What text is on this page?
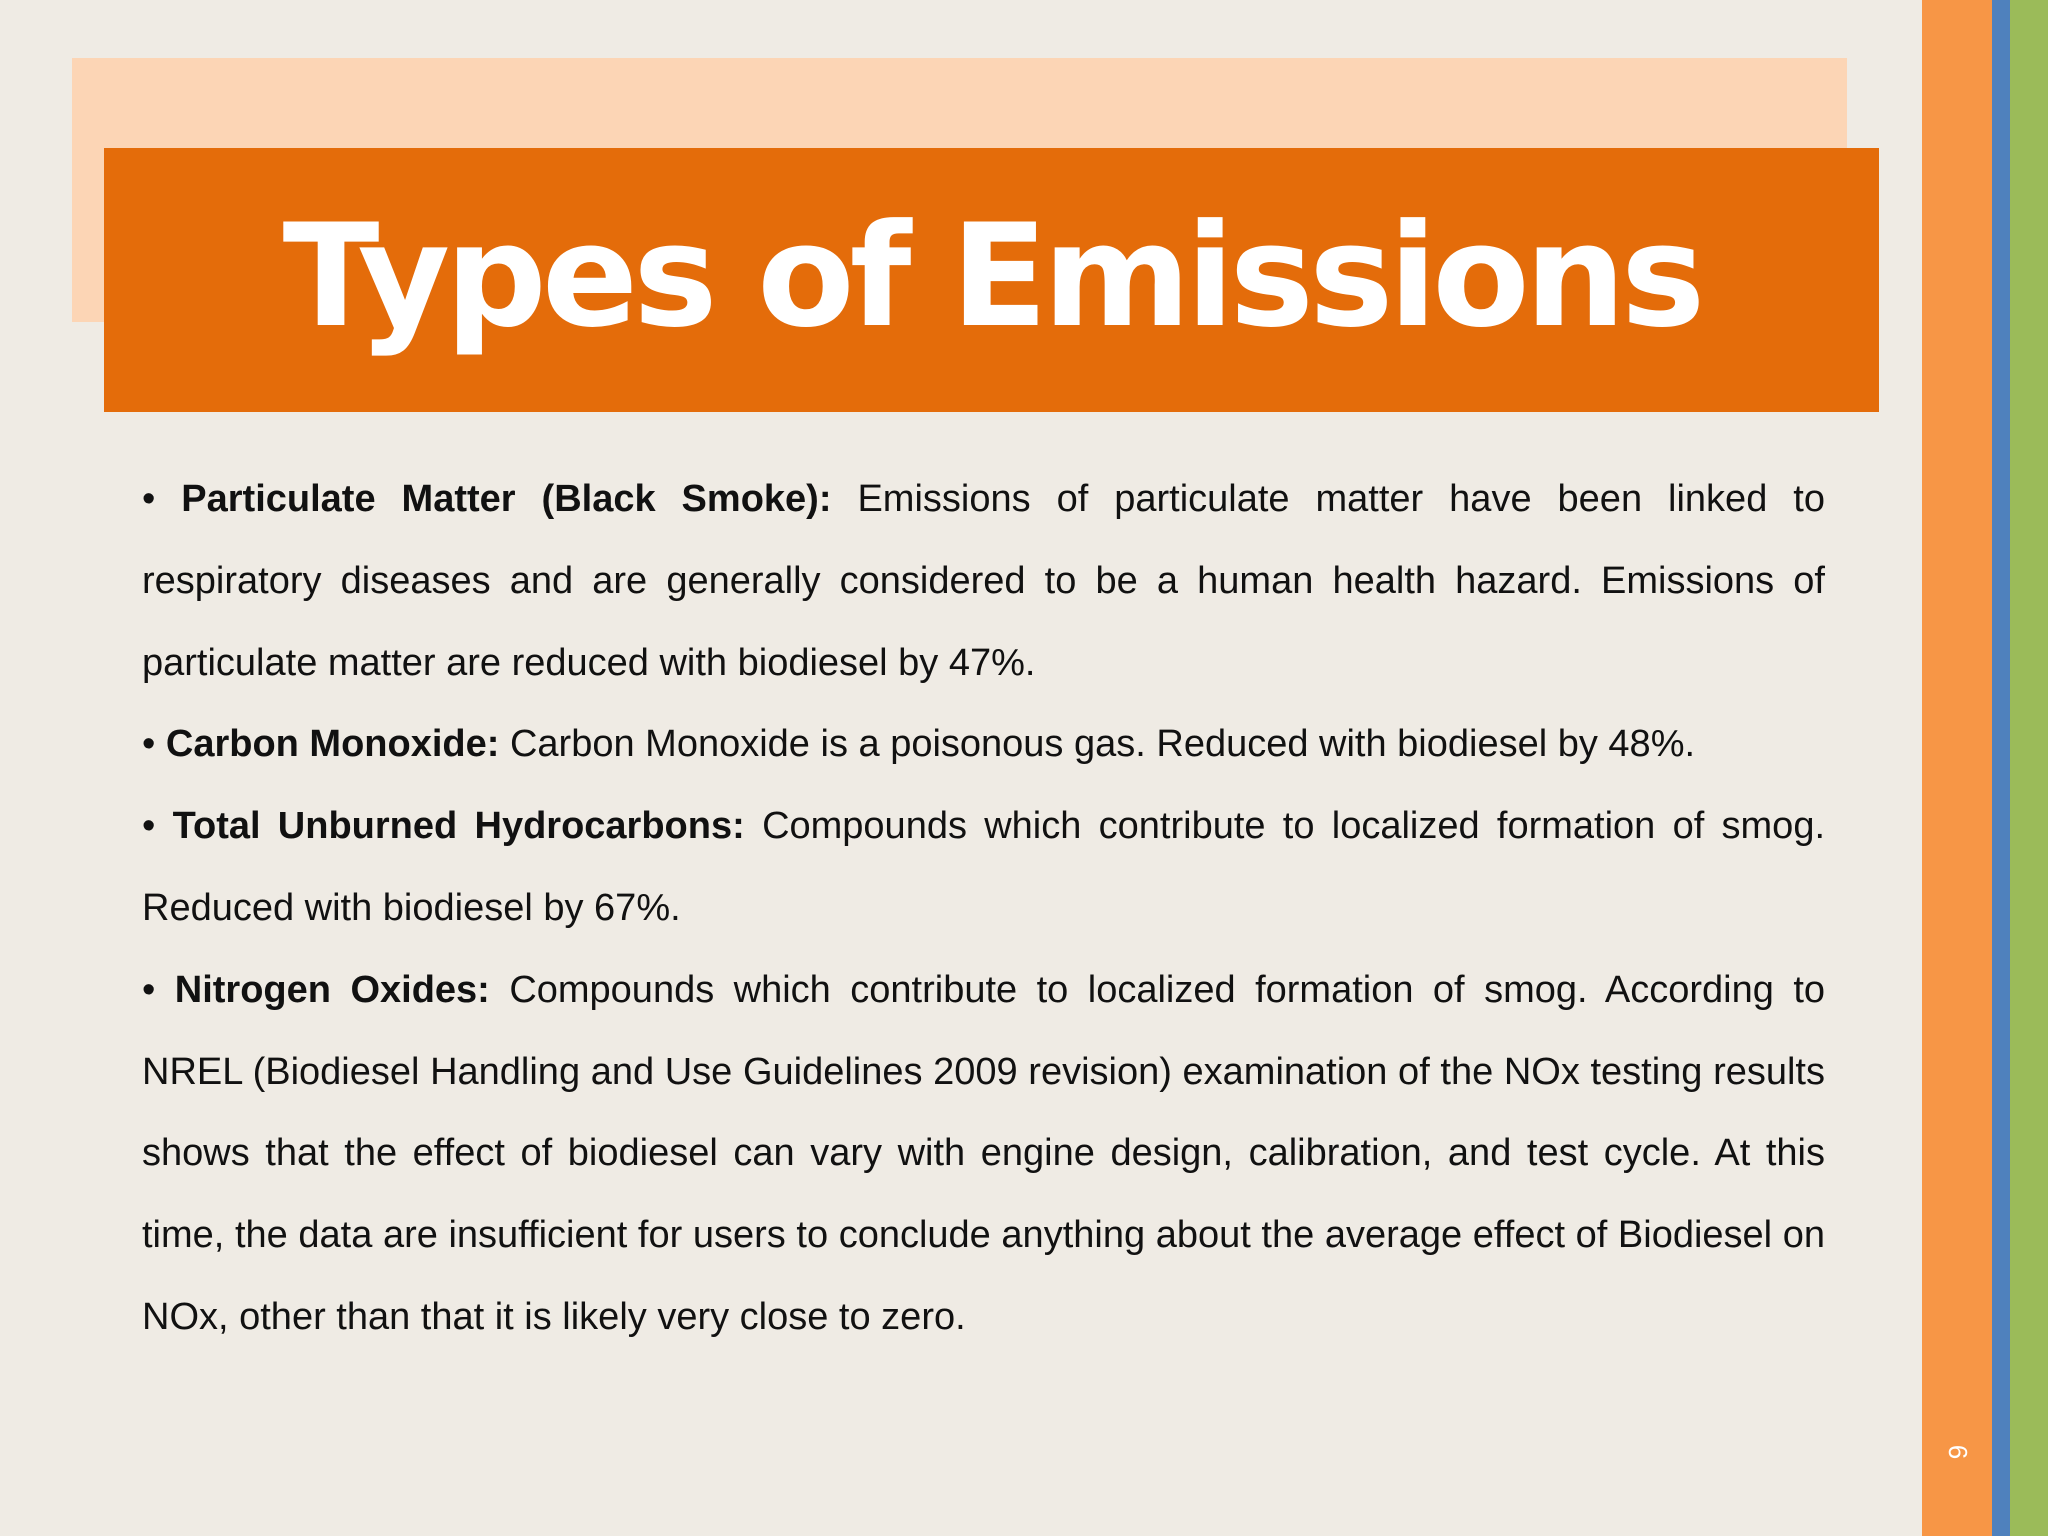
6
Types of Emissions

• Particulate Matter (Black Smoke): Emissions of particulate matter have been linked to respiratory diseases and are generally considered to be a human health hazard. Emissions of particulate matter are reduced with biodiesel by 47%.

• Carbon Monoxide: Carbon Monoxide is a poisonous gas. Reduced with biodiesel by 48%.

• Total Unburned Hydrocarbons: Compounds which contribute to localized formation of smog. Reduced with biodiesel by 67%.

• Nitrogen Oxides: Compounds which contribute to localized formation of smog. According to NREL (Biodiesel Handling and Use Guidelines 2009 revision) examination of the NOx testing results shows that the effect of biodiesel can vary with engine design, calibration, and test cycle. At this time, the data are insufficient for users to conclude anything about the average effect of Biodiesel on NOx, other than that it is likely very close to zero.
